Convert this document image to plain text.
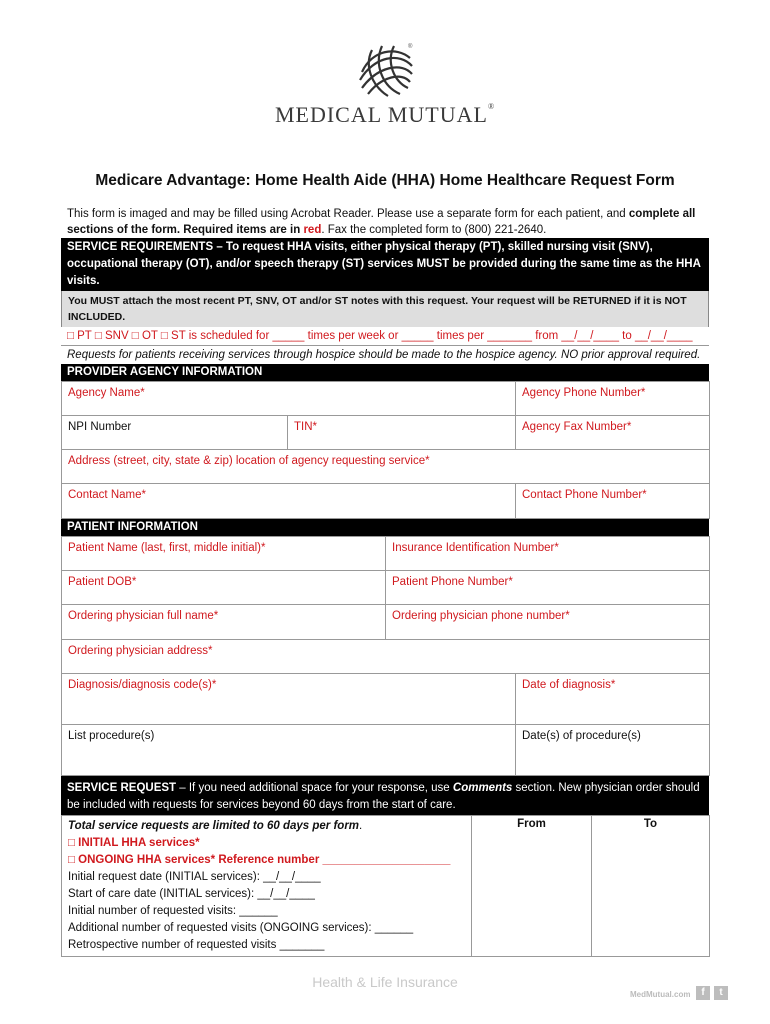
®
MEDICAL MUTUAL®
Medicare Advantage: Home Health Aide (HHA) Home Healthcare Request Form
This form is imaged and may be filled using Acrobat Reader. Please use a separate form for each patient, and complete all sections of the form. Required items are in red. Fax the completed form to (800) 221-2640.
SERVICE REQUIREMENTS – To request HHA visits, either physical therapy (PT), skilled nursing visit (SNV), occupational therapy (OT), and/or speech therapy (ST) services MUST be provided during the same time as the HHA visits.
You MUST attach the most recent PT, SNV, OT and/or ST notes with this request. Your request will be RETURNED if it is NOT INCLUDED.
□ PT □ SNV □ OT □ ST is scheduled for _____ times per week or _____ times per _______ from __/__/____ to __/__/____
Requests for patients receiving services through hospice should be made to the hospice agency. NO prior approval required.
PROVIDER AGENCY INFORMATION
Agency Name*		Agency Phone Number*
NPI Number	TIN*	Agency Fax Number*
Address (street, city, state & zip) location of agency requesting service*		
Contact Name*		Contact Phone Number*
PATIENT INFORMATION
Patient Name (last, first, middle initial)*	Insurance Identification Number*	
Patient DOB*	Patient Phone Number*	
Ordering physician full name*	Ordering physician phone number*	
Ordering physician address*		
Diagnosis/diagnosis code(s)*		Date of diagnosis*
List procedure(s)		Date(s) of procedure(s)
SERVICE REQUEST – If you need additional space for your response, use Comments section. New physician order should be included with requests for services beyond 60 days from the start of care.
Total service requests are limited to 60 days per form.
□ INITIAL HHA services*
□ ONGOING HHA services* Reference number ____________________
Initial request date (INITIAL services): __/__/____
Start of care date (INITIAL services): __/__/____
Initial number of requested visits: ______
Additional number of requested visits (ONGOING services): ______
Retrospective number of requested visits _______
	From	To
Health & Life Insurance
MedMutual.com	f	t
